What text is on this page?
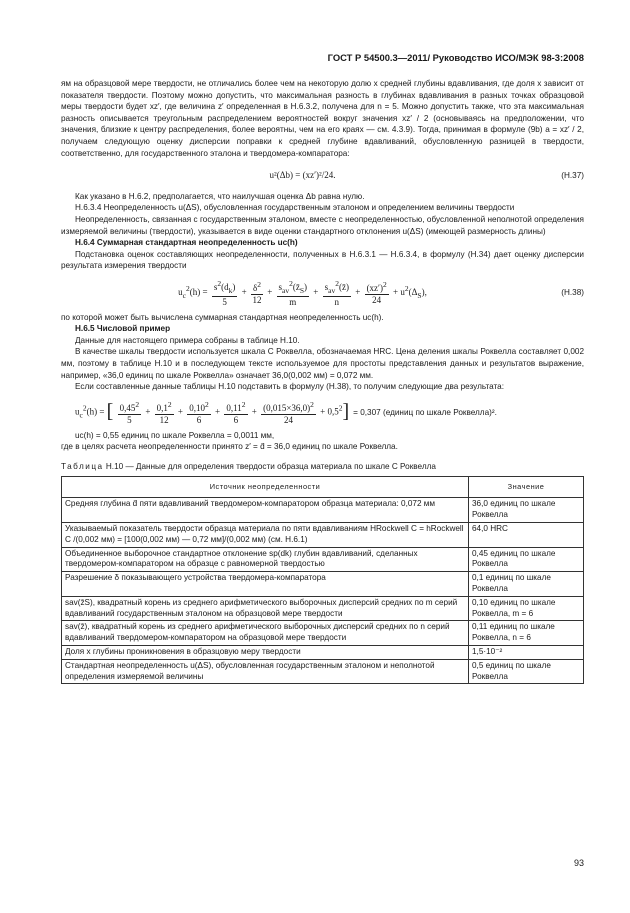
ГОСТ Р 54500.3—2011/ Руководство ИСО/МЭК 98-3:2008

ям на образцовой мере твердости, не отличались более чем на некоторую долю x средней глубины вдавливания, где доля x зависит от показателя твердости. Поэтому можно допустить, что максимальная разность в глубинах вдавливания в разных точках образцовой меры твердости будет xz′, где величина z′ определенная в Н.6.3.2, получена для n = 5. Можно допустить также, что эта максимальная разность описывается треугольным распределением вероятностей вокруг значения xz′ / 2 (основываясь на предположении, что значения, близкие к центру распределения, более вероятны, чем на его краях — см. 4.3.9). Тогда, принимая в формуле (9b) a = xz′ / 2, получаем следующую оценку дисперсии поправки к средней глубине вдавливаний, обусловленную разницей в твердости, соответственно, для государственного эталона и твердомера-компаратора:

u²(Δb) = (xz′)²/24.	(Н.37)

Как указано в Н.6.2, предполагается, что наилучшая оценка Δb равна нулю.

Н.6.3.4 Неопределенность u(ΔS), обусловленная государственным эталоном и определением величины твердости

Неопределенность, связанная с государственным эталоном, вместе с неопределенностью, обусловленной неполнотой определения измеряемой величины (твердости), указывается в виде оценки стандартного отклонения u(ΔS) (имеющей размерность длины)

Н.6.4 Суммарная стандартная неопределенность uc(h)

Подстановка оценок составляющих неопределенности, полученных в Н.6.3.1 — Н.6.3.4, в формулу (Н.34) дает оценку дисперсии результата измерения твердости

$u_c^2(h) = \frac{s^2(d_k)}{5} + \frac{\delta^2}{12} + \frac{s_{av}^2(z̄_S)}{m} + \frac{s_{av}^2(z̄)}{n} + \frac{(xz')^2}{24} + u^2(\Delta_S)$,	(Н.38)

по которой может быть вычислена суммарная стандартная неопределенность uc(h).

Н.6.5 Числовой пример

Данные для настоящего примера собраны в таблице Н.10.

В качестве шкалы твердости используется шкала С Роквелла, обозначаемая HRC. Цена деления шкалы Роквелла составляет 0,002 мм, поэтому в таблице Н.10 и в последующем тексте используемое для простоты представления данных и результатов выражение, например, «36,0 единиц по шкале Роквелла» означает 36,0(0,002 мм) = 0,072 мм.

Если составленные данные таблицы Н.10 подставить в формулу (Н.38), то получим следующие два результата:

$u_c^2(h)$ = [ $\frac{0,45^2}{5} + \frac{0,1^2}{12} + \frac{0,10^2}{6} + \frac{0,11^2}{6} + \frac{(0,015\times 36,0)^2}{24} + 0,5^2] = 0,307$ (единиц по шкале Роквелла)².

uc(h) = 0,55 единиц по шкале Роквелла = 0,0011 мм,

где в целях расчета неопределенности принято z′ = d̄ = 36,0 единиц по шкале Роквелла.

Таблица Н.10 — Данные для определения твердости образца материала по шкале С Роквелла

Источник неопределенности	Значение
Средняя глубина d̄ пяти вдавливаний твердомером-компаратором образца материала: 0,072 мм	36,0 единиц по шкале Роквелла
Указываемый показатель твердости образца материала по пяти вдавливаниям HRockwell C = hRockwell C /(0,002 мм) = [100(0,002 мм) — 0,72 мм]/(0,002 мм) (см. Н.6.1)	64,0 HRC
Объединенное выборочное стандартное отклонение sp(dk) глубин вдавливаний, сделанных твердомером-компаратором на образце с равномерной твердостью	0,45 единиц по шкале Роквелла
Разрешение δ показывающего устройства твердомера-компаратора	0,1 единиц по шкале Роквелла
sav(z̄S), квадратный корень из среднего арифметического выборочных дисперсий средних по m серий вдавливаний государственным эталоном на образцовой мере твердости	0,10 единиц по шкале Роквелла, m = 6
sav(z̄), квадратный корень из среднего арифметического выборочных дисперсий средних по n серий вдавливаний твердомером-компаратором на образцовой мере твердости	0,11 единиц по шкале Роквелла, n = 6
Доля x глубины проникновения в образцовую меру твердости	1,5·10⁻²
Стандартная неопределенность u(ΔS), обусловленная государственным эталоном и неполнотой определения измеряемой величины	0,5 единиц по шкале Роквелла
93
